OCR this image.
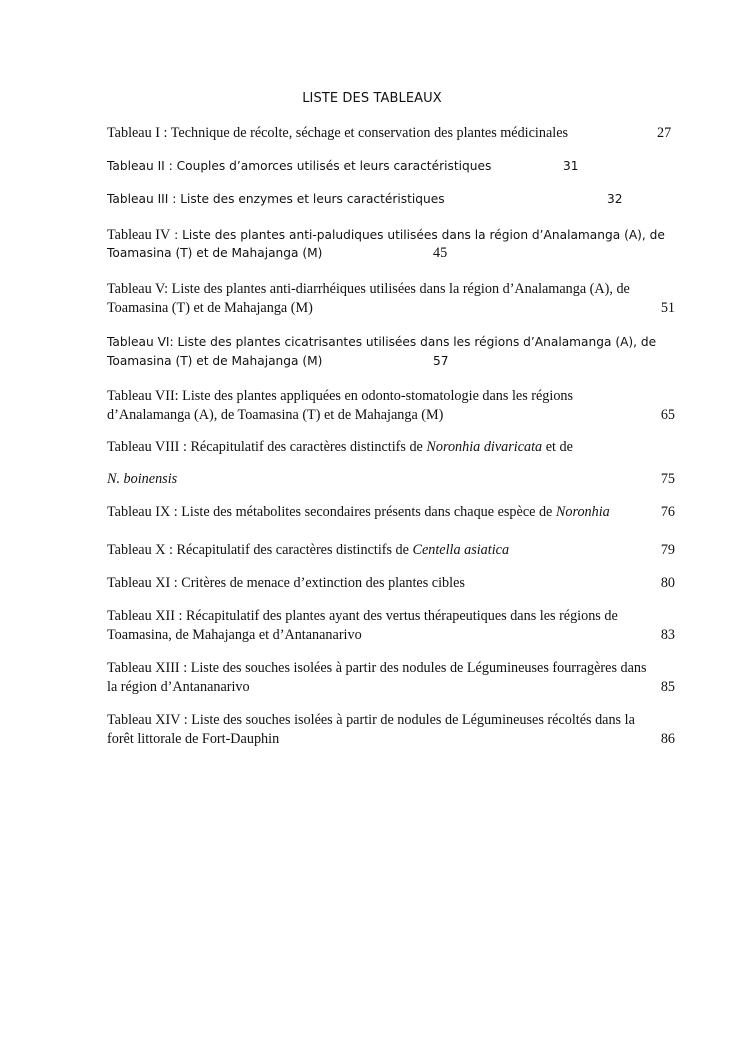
LISTE DES TABLEAUX
Tableau I : Technique de récolte, séchage et conservation des plantes médicinales	27
Tableau II : Couples d’amorces utilisés et leurs caractéristiques	31
Tableau III : Liste des enzymes et leurs caractéristiques	32
Tableau IV : Liste des plantes anti-paludiques utilisées dans la région d’Analamanga (A), de
Toamasina (T) et de Mahajanga (M)	45
Tableau V: Liste des plantes anti-diarrhéiques utilisées dans la région d’Analamanga (A), de
Toamasina (T) et de Mahajanga (M)	51
Tableau VI: Liste des plantes cicatrisantes utilisées dans les régions d’Analamanga (A), de
Toamasina (T) et de Mahajanga (M)	57
Tableau VII: Liste des plantes appliquées en odonto-stomatologie dans les régions
d’Analamanga (A), de Toamasina (T) et de Mahajanga (M)	65
Tableau VIII : Récapitulatif des caractères distinctifs de Noronhia divaricata et de
N. boinensis	75
Tableau IX : Liste des métabolites secondaires présents dans chaque espèce de Noronhia	76
Tableau X : Récapitulatif des caractères distinctifs de Centella asiatica	79
Tableau XI : Critères de menace d’extinction des plantes cibles	80
Tableau XII : Récapitulatif des plantes ayant des vertus thérapeutiques dans les régions de
Toamasina, de Mahajanga et d’Antananarivo	83
Tableau XIII : Liste des souches isolées à partir des nodules de Légumineuses fourragères dans
la région d’Antananarivo	85
Tableau XIV : Liste des souches isolées à partir de nodules de Légumineuses récoltés dans la
forêt littorale de Fort-Dauphin	86
